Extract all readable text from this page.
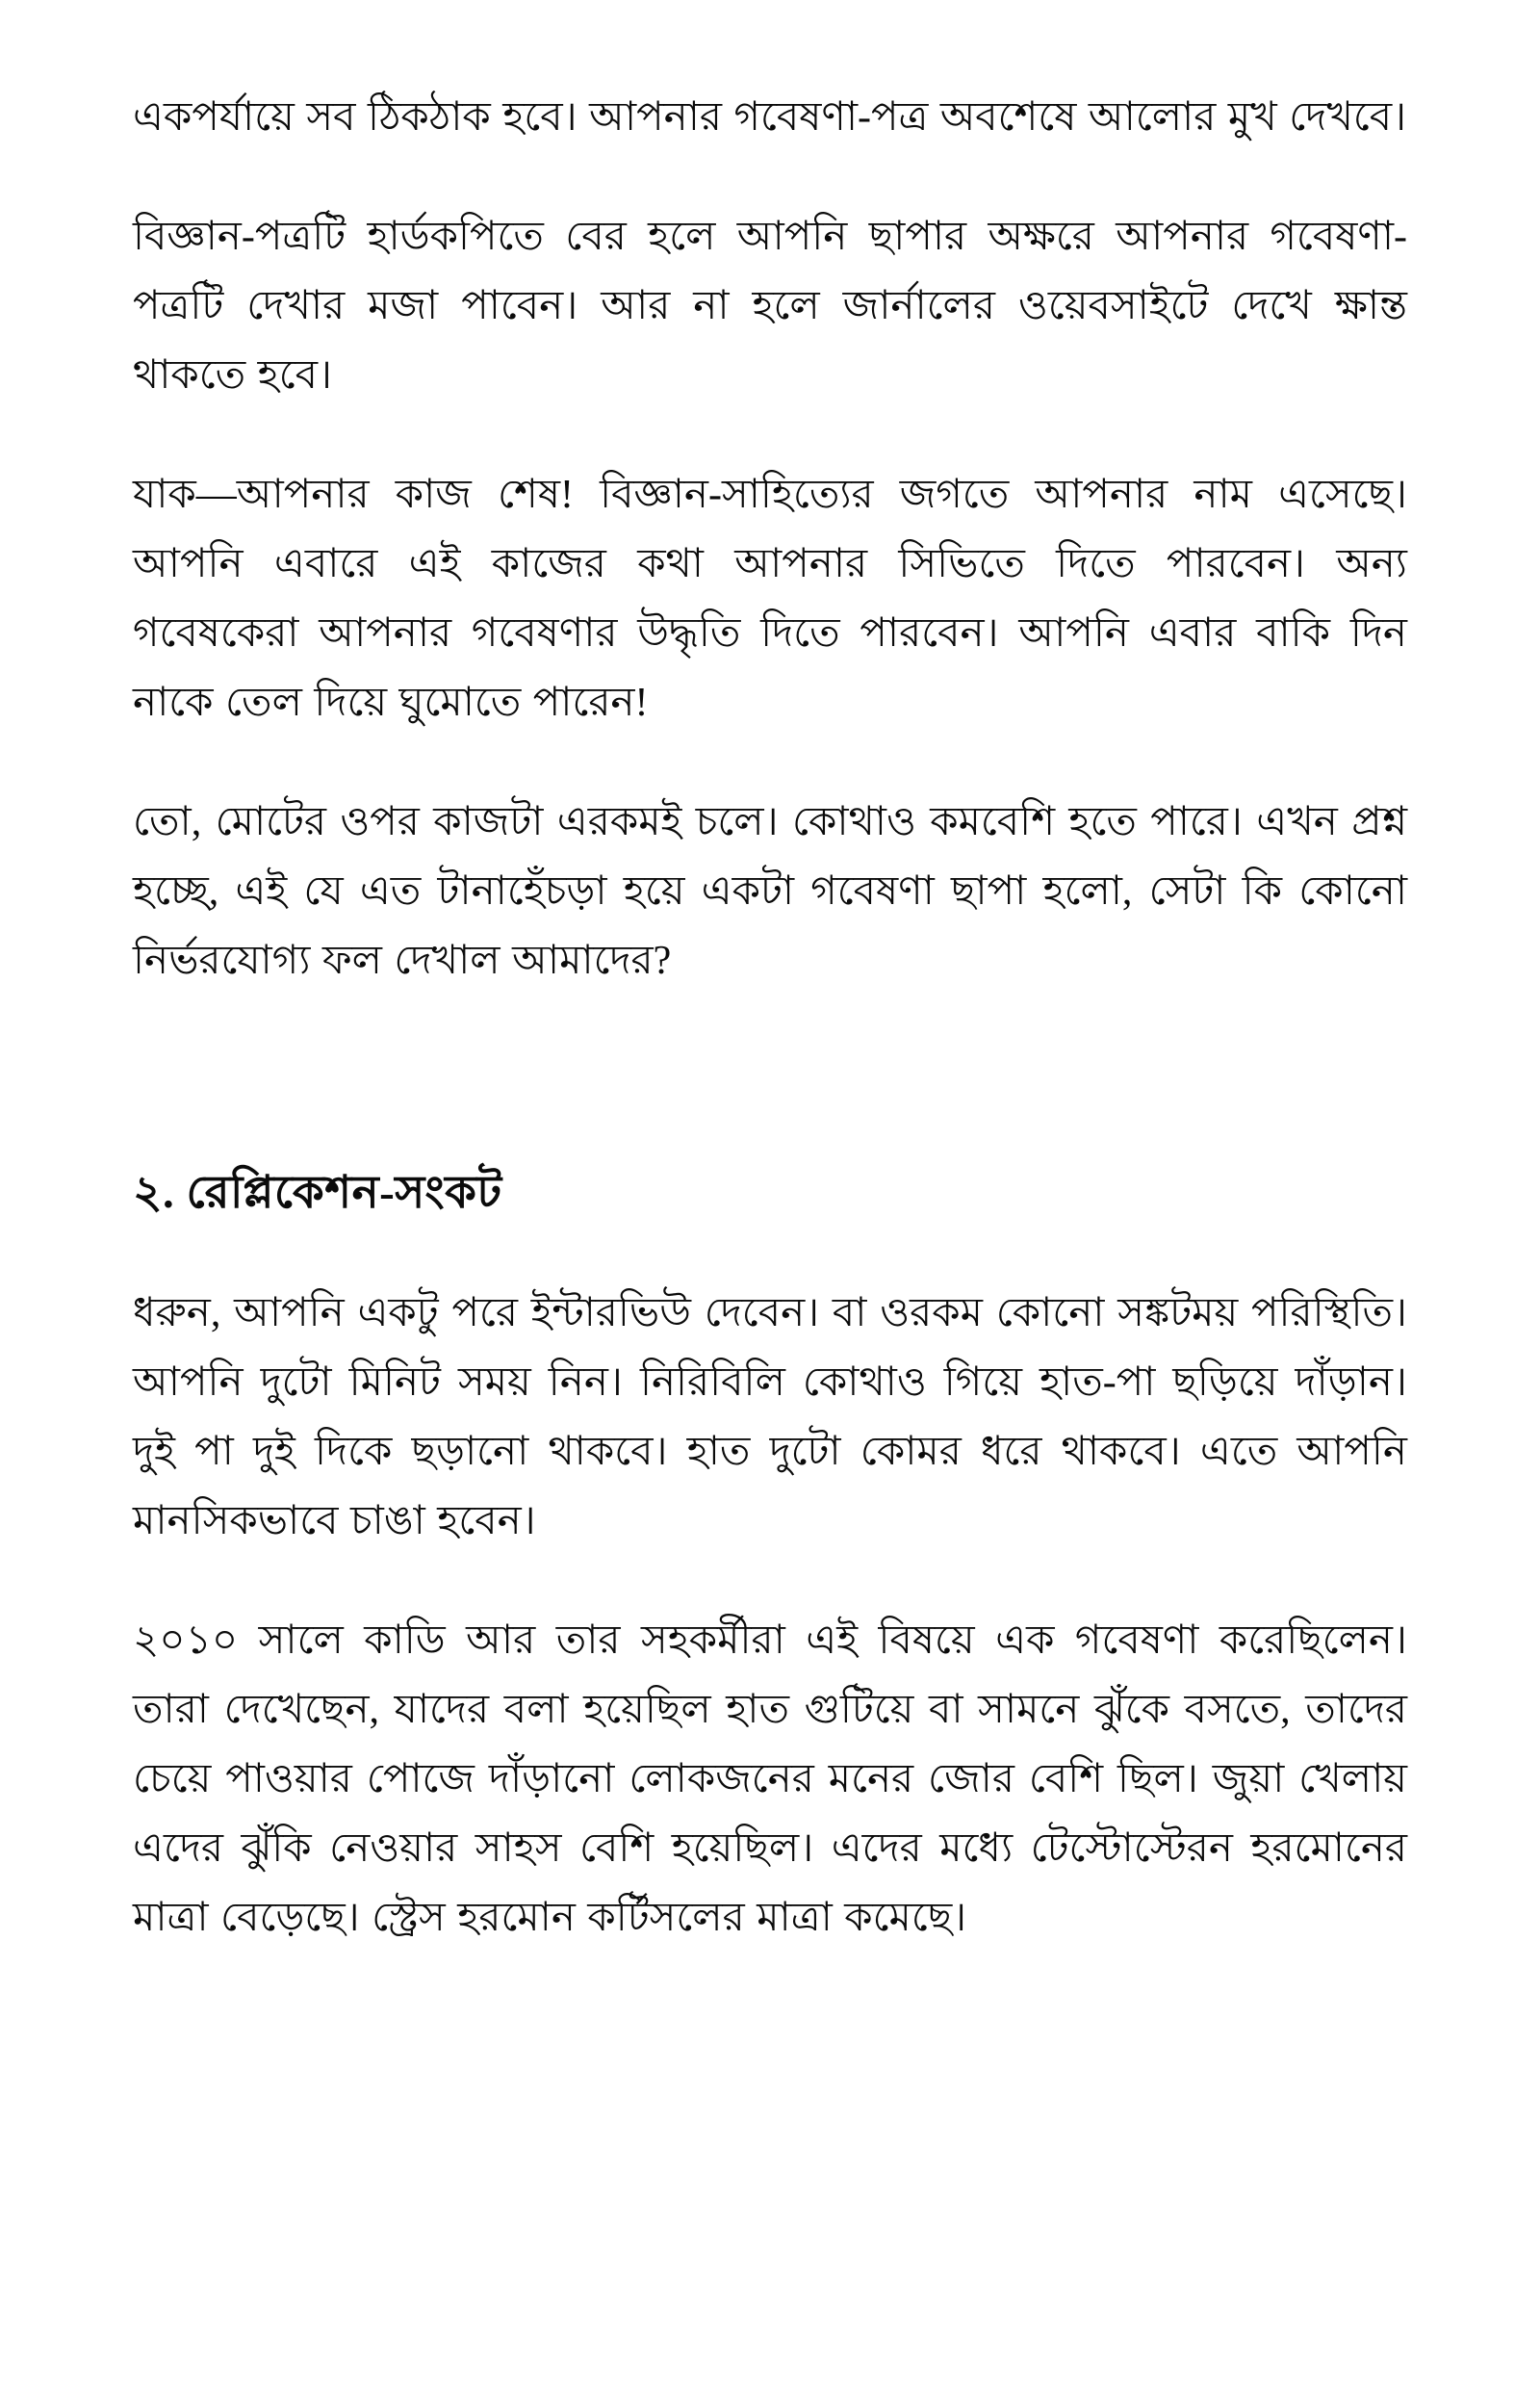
একপর্যায়ে সব ঠিকঠাক হবে। আপনার গবেষণা-পত্র অবশেষে আলোর মুখ দেখবে।

বিজ্ঞান-পত্রটি হার্ডকপিতে বের হলে আপনি ছাপার অক্ষরে আপনার গবেষণা-পত্রটি দেখার মজা পাবেন। আর না হলে জার্নালের ওয়েবসাইটে দেখে ক্ষান্ত থাকতে হবে।

যাক—আপনার কাজ শেষ! বিজ্ঞান-সাহিত্যের জগতে আপনার নাম এসেছে। আপনি এবারে এই কাজের কথা আপনার সিভিতে দিতে পারবেন। অন্য গবেষকেরা আপনার গবেষণার উদ্ধৃতি দিতে পারবেন। আপনি এবার বাকি দিন নাকে তেল দিয়ে ঘুমোতে পারেন!

তো, মোটের ওপর কাজটা এরকমই চলে। কোথাও কমবেশি হতে পারে। এখন প্রশ্ন হচ্ছে, এই যে এত টানাহেঁচড়া হয়ে একটা গবেষণা ছাপা হলো, সেটা কি কোনো নির্ভরযোগ্য ফল দেখাল আমাদের?

২. রেপ্লিকেশন-সংকট

ধরুন, আপনি একটু পরে ইন্টারভিউ দেবেন। বা ওরকম কোনো সঙ্কটময় পরিস্থিতি। আপনি দুটো মিনিট সময় নিন। নিরিবিলি কোথাও গিয়ে হাত-পা ছড়িয়ে দাঁড়ান। দুই পা দুই দিকে ছড়ানো থাকবে। হাত দুটো কোমর ধরে থাকবে। এতে আপনি মানসিকভাবে চাঙা হবেন।

২০১০ সালে কাডি আর তার সহকর্মীরা এই বিষয়ে এক গবেষণা করেছিলেন। তারা দেখেছেন, যাদের বলা হয়েছিল হাত গুটিয়ে বা সামনে ঝুঁকে বসতে, তাদের চেয়ে পাওয়ার পোজে দাঁড়ানো লোকজনের মনের জোর বেশি ছিল। জুয়া খেলায় এদের ঝুঁকি নেওয়ার সাহস বেশি হয়েছিল। এদের মধ্যে টেস্টোস্টেরন হরমোনের মাত্রা বেড়েছে। স্ট্রেস হরমোন কর্টিসলের মাত্রা কমেছে।
